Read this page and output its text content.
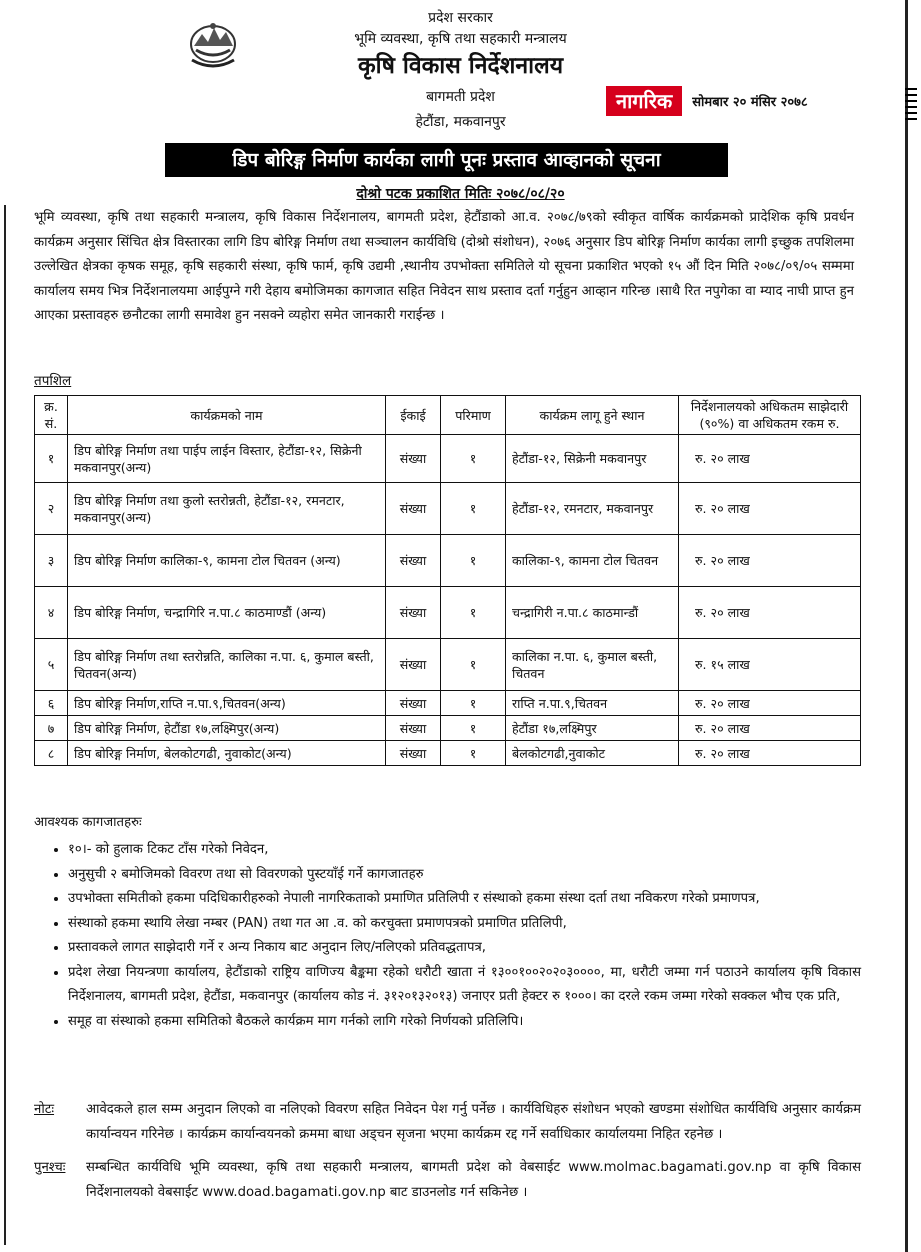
प्रदेश सरकार
भूमि व्यवस्था, कृषि तथा सहकारी मन्त्रालय
कृषि विकास निर्देशनालय
बागमती प्रदेश
हेटौंडा, मकवानपुर
नागरिक	सोमबार २० मंसिर २०७८
डिप बोरिङ्ग निर्माण कार्यका लागी पूनः प्रस्ताव आव्हानको सूचना
दोश्रो पटक प्रकाशित मितिः २०७८/०८/२०
भूमि व्यवस्था, कृषि तथा सहकारी मन्त्रालय, कृषि विकास निर्देशनालय, बागमती प्रदेश, हेटौंडाको आ.व. २०७८/७९को स्वीकृत वार्षिक कार्यक्रमको प्रादेशिक कृषि प्रवर्धन कार्यक्रम अनुसार सिंचित क्षेत्र विस्तारका लागि डिप बोरिङ्ग निर्माण तथा सञ्चालन कार्यविधि (दोश्रो संशोधन), २०७६ अनुसार डिप बोरिङ्ग निर्माण कार्यका लागी इच्छुक तपशिलमा उल्लेखित क्षेत्रका कृषक समूह, कृषि सहकारी संस्था, कृषि फार्म, कृषि उद्यमी ,स्थानीय उपभोक्ता समितिले यो सूचना प्रकाशित भएको १५ औं दिन मिति २०७८/०९/०५ सम्ममा कार्यालय समय भित्र निर्देशनालयमा आईपुग्ने गरी देहाय बमोजिमका कागजात सहित निवेदन साथ प्रस्ताव दर्ता गर्नुहुन आव्हान गरिन्छ ।साथै रित नपुगेका वा म्याद नाघी प्राप्त हुन आएका प्रस्तावहरु छनौटका लागी समावेश हुन नसक्ने व्यहोरा समेत जानकारी गराईन्छ ।
तपशिल
क्र. सं.	कार्यक्रमको नाम	ईकाई	परिमाण	कार्यक्रम लागू हुने स्थान	निर्देशनालयको अधिकतम साझेदारी (९०%) वा अधिकतम रकम रु.
१	डिप बोरिङ्ग निर्माण तथा पाईप लाईन विस्तार, हेटौंडा-१२, सिक्रेनी मकवानपुर(अन्य)	संख्या	१	हेटौंडा-१२, सिक्रेनी मकवानपुर	रु. २० लाख
२	डिप बोरिङ्ग निर्माण तथा कुलो स्तरोन्नती, हेटौंडा-१२, रमनटार, मकवानपुर(अन्य)	संख्या	१	हेटौंडा-१२, रमनटार, मकवानपुर	रु. २० लाख
३	डिप बोरिङ्ग निर्माण कालिका-९, कामना टोल चितवन (अन्य)	संख्या	१	कालिका-९, कामना टोल चितवन	रु. २० लाख
४	डिप बोरिङ्ग निर्माण, चन्द्रागिरि न.पा.८ काठमाण्डौं (अन्य)	संख्या	१	चन्द्रागिरी न.पा.८ काठमान्डौं	रु. २० लाख
५	डिप बोरिङ्ग निर्माण तथा स्तरोन्नति, कालिका न.पा. ६, कुमाल बस्ती, चितवन(अन्य)	संख्या	१	कालिका न.पा. ६, कुमाल बस्ती, चितवन	रु. १५ लाख
६	डिप बोरिङ्ग निर्माण,राप्ति न.पा.९,चितवन(अन्य)	संख्या	१	राप्ति न.पा.९,चितवन	रु. २० लाख
७	डिप बोरिङ्ग निर्माण, हेटौंडा १७,लक्ष्मिपुर(अन्य)	संख्या	१	हेटौंडा १७,लक्ष्मिपुर	रु. २० लाख
८	डिप बोरिङ्ग निर्माण, बेलकोटगढी, नुवाकोट(अन्य)	संख्या	१	बेलकोटगढी,नुवाकोट	रु. २० लाख
आवश्यक कागजातहरुः
• १०।- को हुलाक टिकट टाँस गरेको निवेदन,
• अनुसुची २ बमोजिमको विवरण तथा सो विवरणको पुस्टयाँई गर्ने कागजातहरु
• उपभोक्ता समितीको हकमा पदिधिकारीहरुको नेपाली नागरिकताको प्रमाणित प्रतिलिपी र संस्थाको हकमा संस्था दर्ता तथा नविकरण गरेको प्रमाणपत्र,
• संस्थाको हकमा स्थायि लेखा नम्बर (PAN) तथा गत आ .व. को करचुक्ता प्रमाणपत्रको प्रमाणित प्रतिलिपी,
• प्रस्तावकले लागत साझेदारी गर्ने र अन्य निकाय बाट अनुदान लिए/नलिएको प्रतिवद्धतापत्र,
• प्रदेश लेखा नियन्त्रणा कार्यालय, हेटौंडाको राष्ट्रिय वाणिज्य बैङ्कमा रहेको धरौटी खाता नं १३००१००२०२०३००००, मा, धरौटी जम्मा गर्न पठाउने कार्यालय कृषि विकास निर्देशनालय, बागमती प्रदेश, हेटौंडा, मकवानपुर (कार्यालय कोड नं. ३१२०१३२०१३) जनाएर प्रती हेक्टर रु १०००। का दरले रकम जम्मा गरेको सक्कल भौच एक प्रति,
• समूह वा संस्थाको हकमा समितिको बैठकले कार्यक्रम माग गर्नको लागि गरेको निर्णयको प्रतिलिपि।
नोटः	आवेदकले हाल सम्म अनुदान लिएको वा नलिएको विवरण सहित निवेदन पेश गर्नु पर्नेछ । कार्यविधिहरु संशोधन भएको खण्डमा संशोधित कार्यविधि अनुसार कार्यक्रम कार्यान्वयन गरिनेछ । कार्यक्रम कार्यान्वयनको क्रममा बाधा अड्चन सृजना भएमा कार्यक्रम रद्द गर्ने सर्वाधिकार कार्यालयमा निहित रहनेछ ।
पुनश्चः	सम्बन्धित कार्यविधि भूमि व्यवस्था, कृषि तथा सहकारी मन्त्रालय, बागमती प्रदेश को वेबसाईट www.molmac.bagamati.gov.np वा कृषि विकास निर्देशनालयको वेबसाईट www.doad.bagamati.gov.np बाट डाउनलोड गर्न सकिनेछ ।
